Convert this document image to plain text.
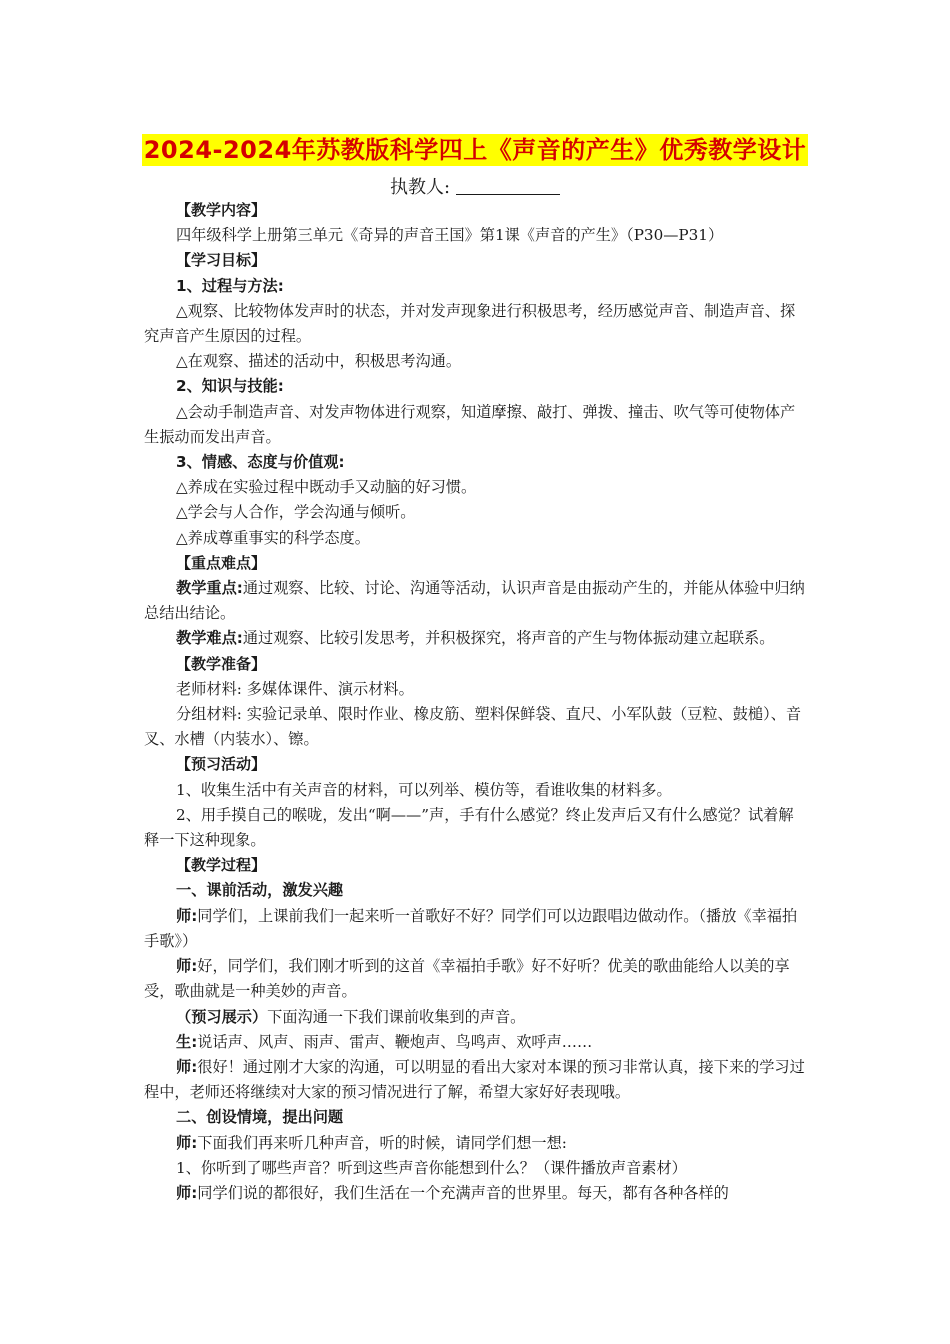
2024-2024年苏教版科学四上《声音的产生》优秀教学设计
执教人:

【教学内容】

四年级科学上册第三单元《奇异的声音王国》第1课《声音的产生》（P30—P31）

【学习目标】

1、过程与方法:

△观察、比较物体发声时的状态，并对发声现象进行积极思考，经历感觉声音、制造声音、探究声音产生原因的过程。

△在观察、描述的活动中，积极思考沟通。

2、知识与技能:

△会动手制造声音、对发声物体进行观察，知道摩擦、敲打、弹拨、撞击、吹气等可使物体产生振动而发出声音。

3、情感、态度与价值观:

△养成在实验过程中既动手又动脑的好习惯。

△学会与人合作，学会沟通与倾听。

△养成尊重事实的科学态度。

【重点难点】

教学重点:通过观察、比较、讨论、沟通等活动，认识声音是由振动产生的，并能从体验中归纳总结出结论。

教学难点:通过观察、比较引发思考，并积极探究，将声音的产生与物体振动建立起联系。

【教学准备】

老师材料: 多媒体课件、演示材料。

分组材料: 实验记录单、限时作业、橡皮筋、塑料保鲜袋、直尺、小军队鼓（豆粒、鼓槌）、音叉、水槽（内装水）、镲。

【预习活动】

1、收集生活中有关声音的材料，可以列举、模仿等，看谁收集的材料多。

2、用手摸自己的喉咙，发出“啊——”声，手有什么感觉？终止发声后又有什么感觉？试着解释一下这种现象。

【教学过程】

一、课前活动，激发兴趣

师:同学们，上课前我们一起来听一首歌好不好？同学们可以边跟唱边做动作。（播放《幸福拍手歌》）

师:好，同学们，我们刚才听到的这首《幸福拍手歌》好不好听？优美的歌曲能给人以美的享受，歌曲就是一种美妙的声音。

（预习展示）下面沟通一下我们课前收集到的声音。

生:说话声、风声、雨声、雷声、鞭炮声、鸟鸣声、欢呼声……

师:很好！通过刚才大家的沟通，可以明显的看出大家对本课的预习非常认真，接下来的学习过程中，老师还将继续对大家的预习情况进行了解，希望大家好好表现哦。

二、创设情境，提出问题

师:下面我们再来听几种声音，听的时候，请同学们想一想:

1、你听到了哪些声音？听到这些声音你能想到什么？（课件播放声音素材）

师:同学们说的都很好，我们生活在一个充满声音的世界里。每天，都有各种各样的
